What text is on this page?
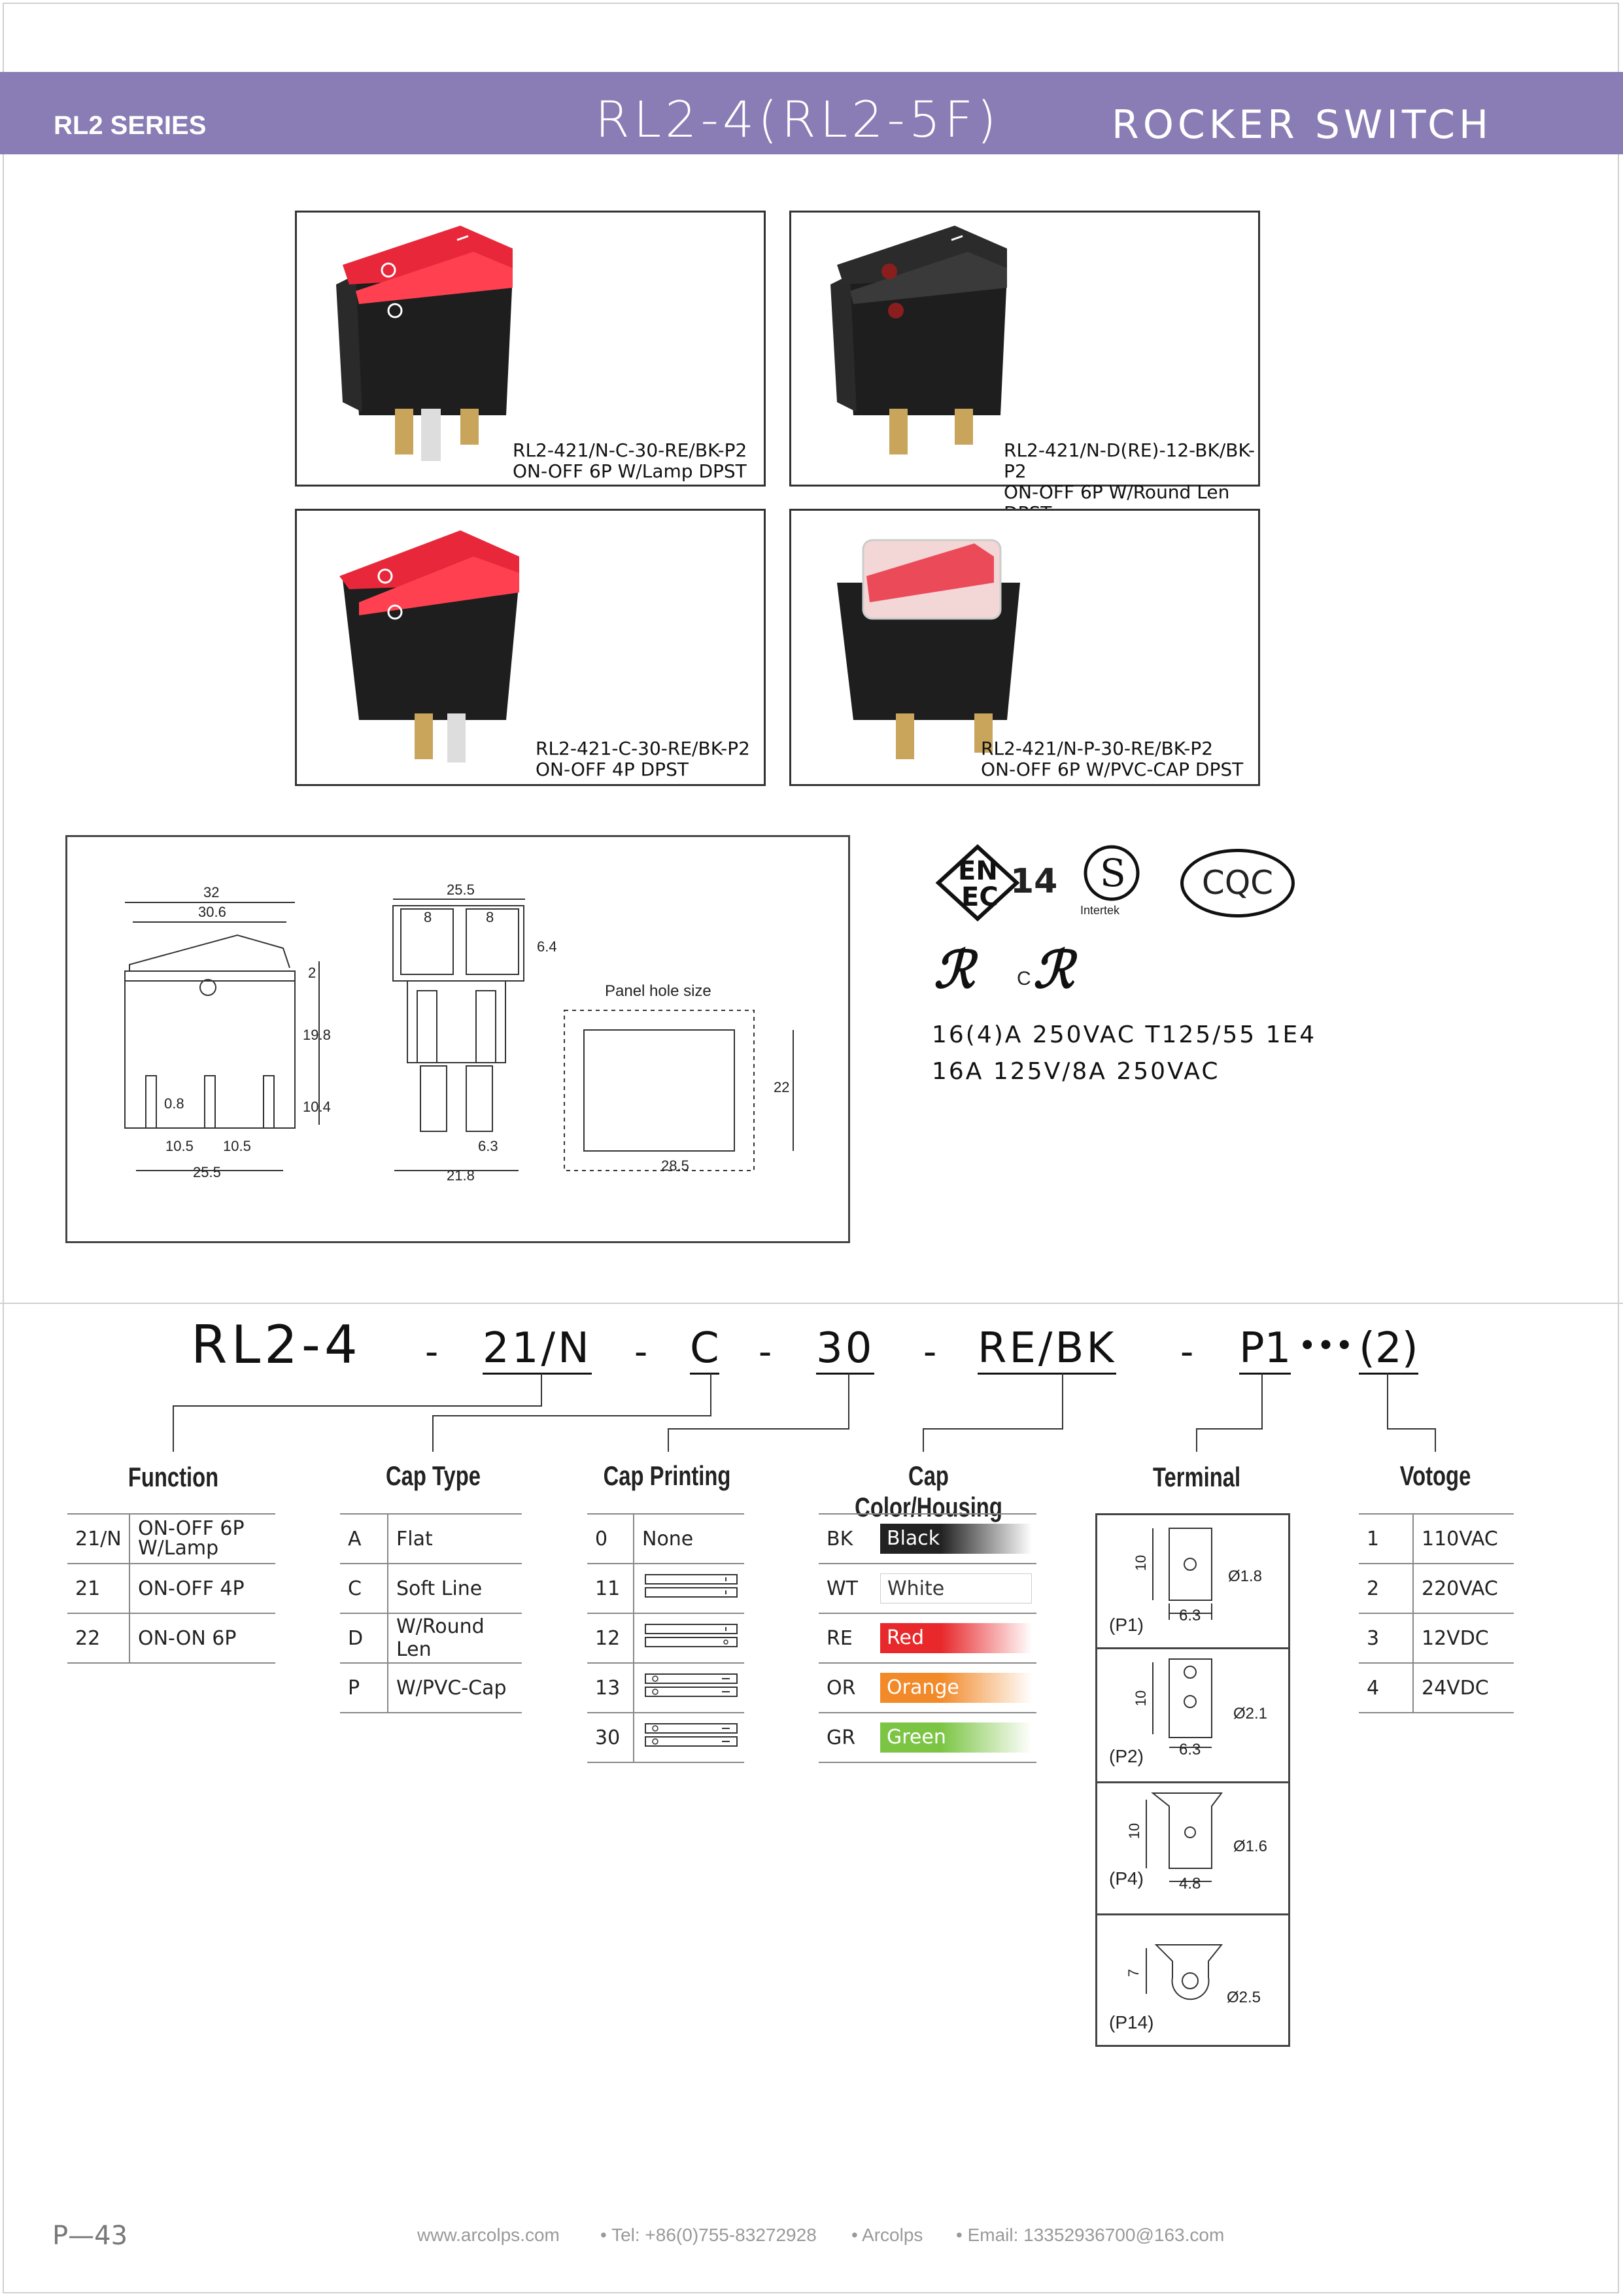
RL2 SERIES	RL2-4(RL2-5F)	ROCKER SWITCH
RL2-421/N-C-30-RE/BK-P2
ON-OFF 6P W/Lamp DPST
RL2-421/N-D(RE)-12-BK/BK-P2
ON-OFF 6P W/Round Len
RL2-421-C-30-RE/BK-P2
ON-OFF 4P DPST
RL2-421/N-P-30-RE/BK-P2
ON-OFF 6P W/PVC-CAP DPST
32
30.6
25.5
8	8
6.4
2
19.8
10.4
0.8
10.5 10.5
25.5	21.8
6.3
22
28.5
Panel hole size
EN
EC 14 S
Intertek
CQC
ℛ C ℛ
16(4)A 250VAC T125/55 1E4
16A 125V/8A 250VAC
RL2-4 - 21/N - C - 30 - RE/BK - P1 ••• (2)
Function	Cap Type	Cap Printing	Cap Color/Housing
Terminal	Votoge
21/N	ON-OFF 6P W/Lamp
21	ON-OFF 4P
22	ON-ON 6P
A	Flat
C	Soft Line
D	W/Round Len
P	W/PVC-Cap
0	None
11	
12	
13	
30	
BK	Black
WT	White
RE	Red
OR	Orange
GR	Green
10
6.3
Ø1.8
(P1)
10
6.3
Ø2.1
(P2)
10
4.8
Ø1.6
(P4)
7
Ø2.5
(P14)
1	110VAC
2	220VAC
3	12VDC
4	24VDC
P—43	www.arcolps.com • Tel: +86(0)755-83272928 • Arcolps • Email: 13352936700@163.com
